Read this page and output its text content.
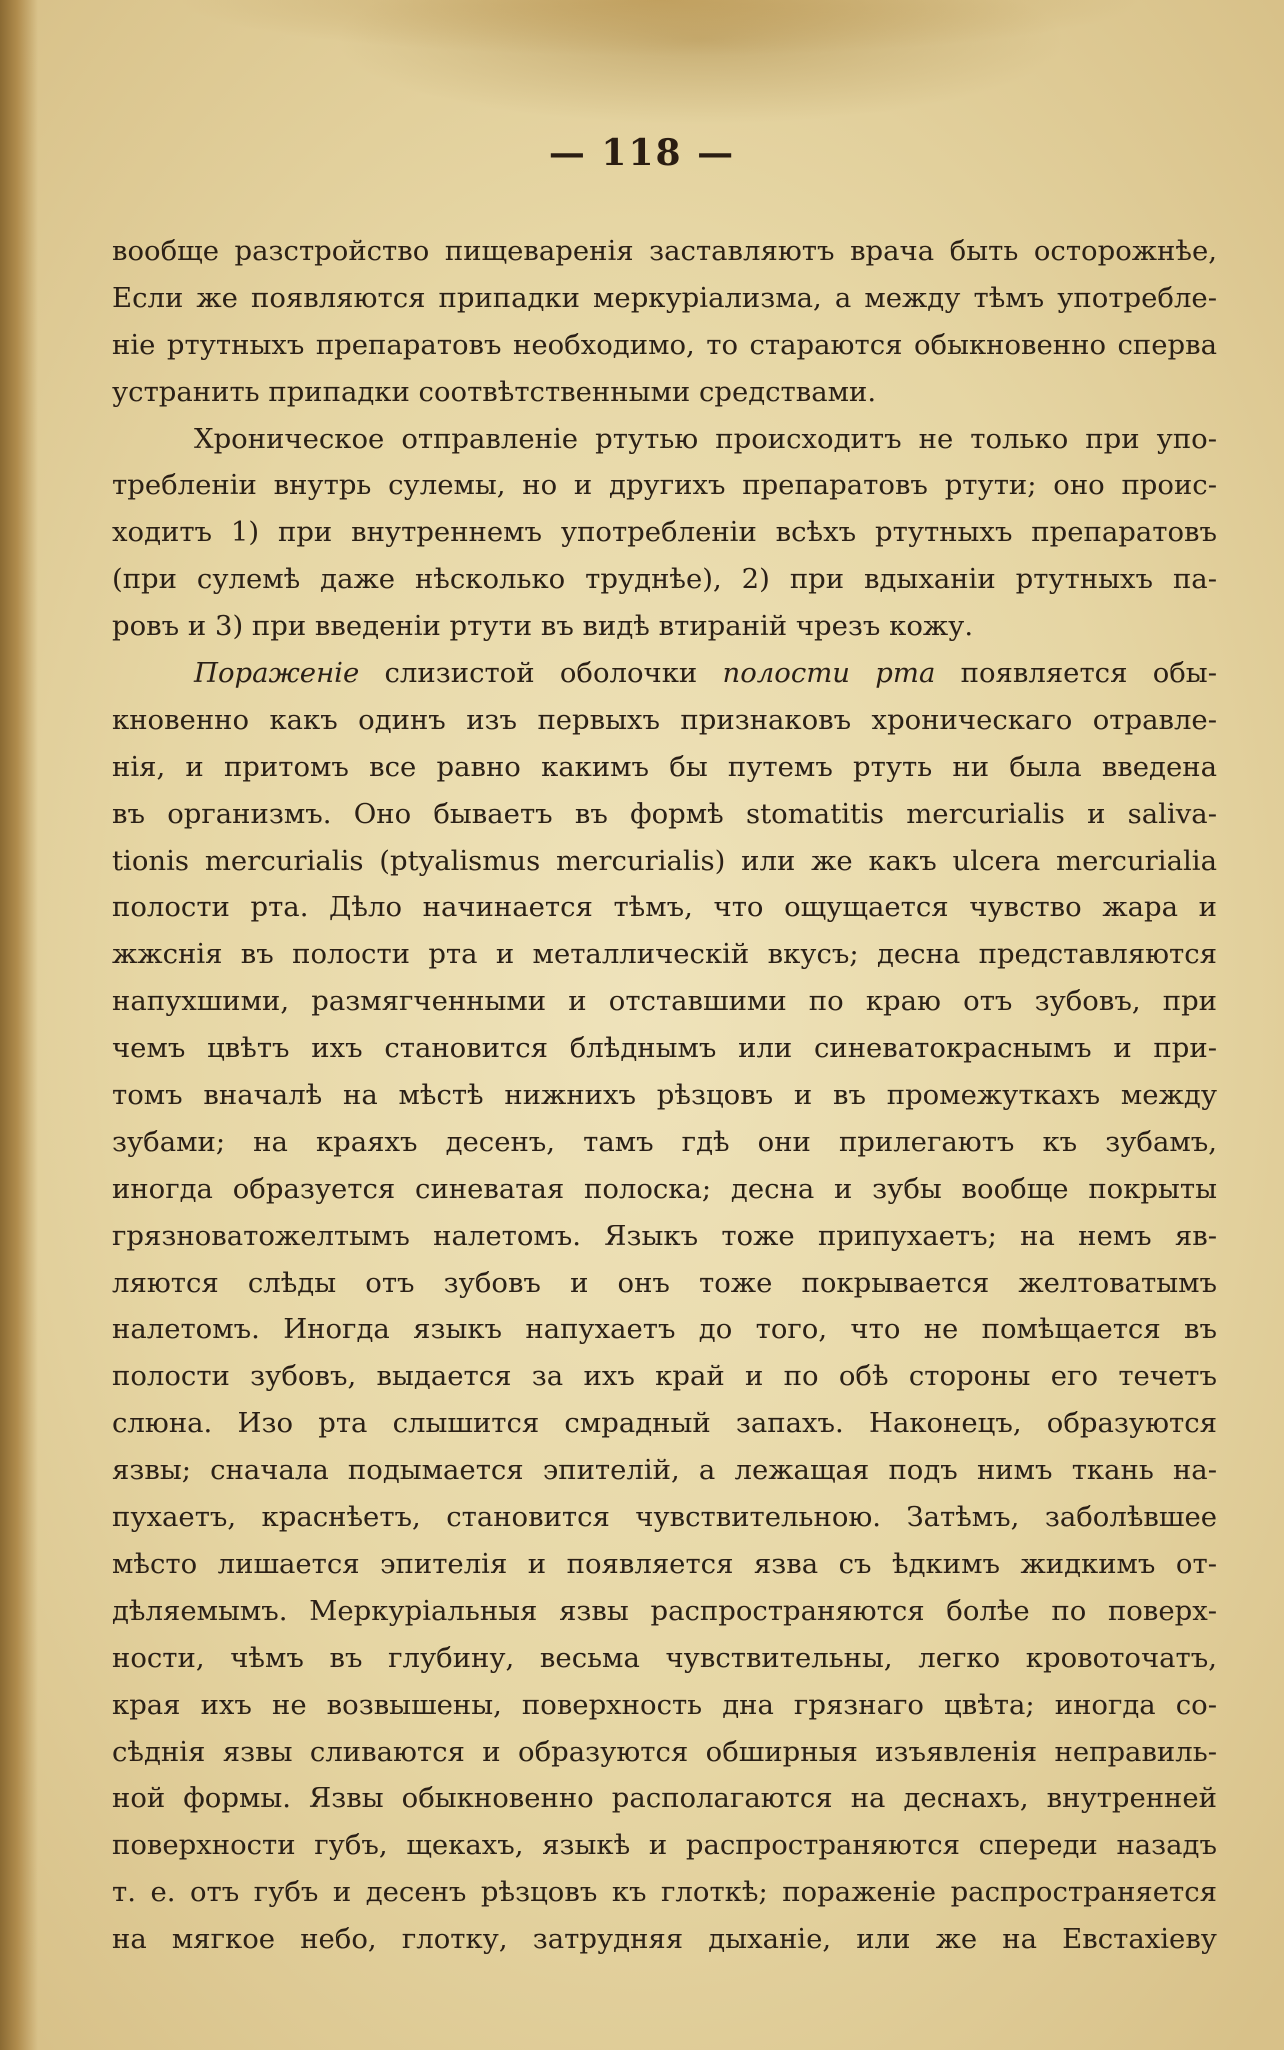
— 118 —
вообще разстройство пищеваренія заставляютъ врача быть осторожнѣе,
Если же появляются припадки меркуріализма, а между тѣмъ употребле-
ніе ртутныхъ препаратовъ необходимо, то стараются обыкновенно сперва
устранить припадки соотвѣтственными средствами.
Хроническое отправленіе ртутью происходитъ не только при упо-
треблeніи внутрь сулемы, но и другихъ препаратовъ ртути; оно проис-
ходитъ 1) при внутреннемъ употребленіи всѣхъ ртутныхъ препаратовъ
(при сулемѣ даже нѣсколько труднѣе), 2) при вдыханіи ртутныхъ па-
ровъ и 3) при введеніи ртути въ видѣ втираній чрезъ кожу.
Пораженіе слизистой оболочки полости рта появляется обы-
кновенно какъ одинъ изъ первыхъ признаковъ хроническаго отравле-
нія, и притомъ все равно какимъ бы путемъ ртуть ни была введена
въ организмъ. Оно бываетъ въ формѣ stomatitis mercurialis и saliva-
tionis mercurialis (ptyalismus mercurialis) или же какъ ulcera mercurialia
полости рта. Дѣло начинается тѣмъ, что ощущается чувство жара и
жжснія въ полости рта и металлическій вкусъ; десна представляются
напухшими, размягченными и отставшими по краю отъ зубовъ, при
чемъ цвѣтъ ихъ становится блѣднымъ или синеватокраснымъ и при-
томъ вначалѣ на мѣстѣ нижнихъ рѣзцовъ и въ промежуткахъ между
зубами; на краяхъ десенъ, тамъ гдѣ они прилегаютъ къ зубамъ,
иногда образуется синеватая полоска; десна и зубы вообще покрыты
грязноватожелтымъ налетомъ. Языкъ тоже припухаетъ; на немъ яв-
ляются слѣды отъ зубовъ и онъ тоже покрывается желтоватымъ
налетомъ. Иногда языкъ напухаетъ до того, что не помѣщается въ
полости зубовъ, выдается за ихъ край и по обѣ стороны его течетъ
слюна. Изо рта слышится смрадный запахъ. Наконецъ, образуются
язвы; сначала подымается эпителій, а лежащая подъ нимъ ткань на-
пухаетъ, краснѣетъ, становится чувствительною. Затѣмъ, заболѣвшее
мѣсто лишается эпителія и появляется язва съ ѣдкимъ жидкимъ от-
дѣляемымъ. Меркуріальныя язвы распространяются болѣе по поверх-
ности, чѣмъ въ глубину, весьма чувствительны, легко кровоточатъ,
края ихъ не возвышены, поверхность дна грязнаго цвѣта; иногда со-
сѣднія язвы сливаются и образуются обширныя изъявленія неправиль-
ной формы. Язвы обыкновенно располагаются на деснахъ, внутренней
поверхности губъ, щекахъ, языкѣ и распространяются спереди назадъ
т. е. отъ губъ и десенъ рѣзцовъ къ глоткѣ; пораженіе распространяется
на мягкое небо, глотку, затрудняя дыханіе, или же на Евстахіеву
